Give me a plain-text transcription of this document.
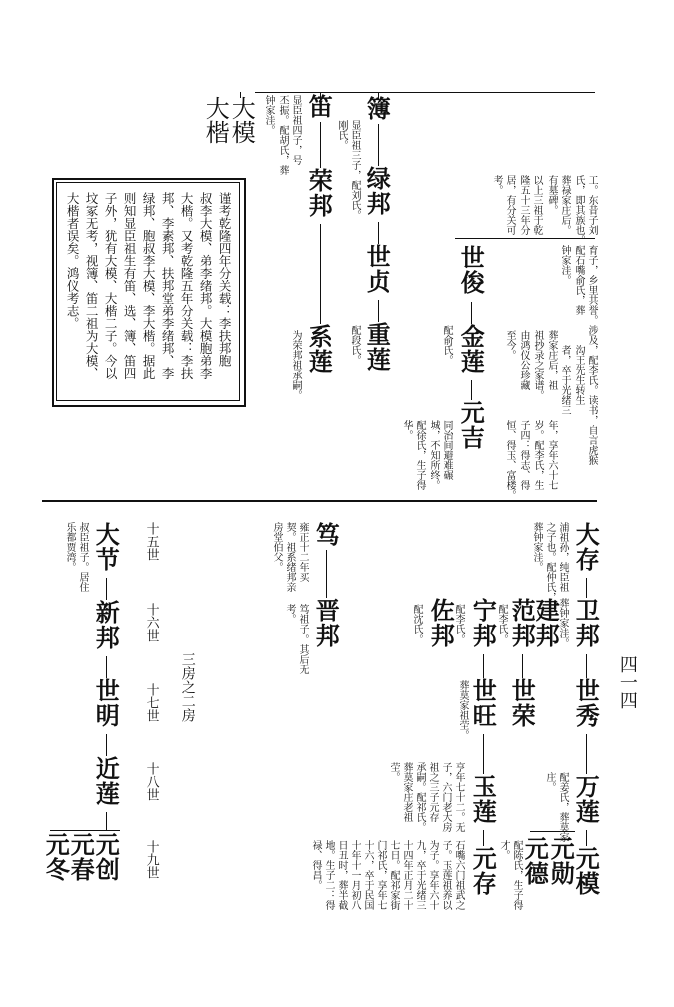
四一四
工。东昔子刘
氏，即其族也。
葬禄家庄后。
有墓碑。
以上三祖于乾
隆五十三年分
居，有分关可
考。
育子，乡里共誉。涉及，配李氏。读书，自言虎猴
配石嘴俞氏，葬
钟家洼。
葬家庄后，祖
祖抄录之家谱。
由鸿仪公珍藏
至今。	沟王先生转生
者，卒于光绪三
年，享年六十七
岁。配李氏，生
子四：得志、得
恒、得玉、富楼。
世俊
金莲
元吉
配俞氏。
同治间避难碾
城，不知所终。
配徐氏，生子得
华。
簿
绿邦
世贞
重莲
显臣祖三子，配刘氏。
刚氏。
配段氏。
笛
荣邦
系莲
显臣祖四子，号
丕振。配胡氏，葬
钟家洼。
为荣邦祖承嗣。
大模
大楷
谨考乾隆四年分关载：李扶邦胞
叔李大模、弟李绪邦。大模胞弟李
大楷。又考乾隆五年分关载：李扶
邦、李素邦、扶邦堂弟李绪邦、李
绿邦、胞叔李大模、李大楷。据此
则知显臣祖生有笛、选、簿、笛四
子外，犹有大模、大楷二子。今以
坟冢无考，视簿、笛二祖为大模、
大楷者误矣。鸿仪考志。
大存
卫邦
世秀
万莲
元模
浦祖孙，纯臣祖
之子也。配仲氏，
葬钟家洼。
葬钟家洼。
配姜氏，葬莫家
庄。
元勋
元德
配陈氏，生子得
才。
建邦
范邦
世荣
配李氏。
宁邦
世旺
玉莲
元存
配李氏。
葬莫家祖茔。
佐邦
配沈氏。
亨年七十二。无
子，六门老大房
祖之三子元存
承嗣。配祁氏。
葬莫家庄老祖
茔。
石嘴六门祖武之
子。玉莲祖养以
为子。享年六十
九，卒于光绪三
十四年正月二十
七日。配祁家街
门祁氏，享年七
十六，卒于民国
十年十一月初八
日丑时，葬半截
地。生子二：得
禄、得昌。
笃
晋邦
雍正十二年买
契。祖系绪邦亲
房堂伯父。
笃祖子。其后无
考。
三房之二房
十五世
十六世
十七世
十八世
十九世
大节
新邦
世明
近莲
元创
元春
元冬
叔臣祖子。居住
乐都贾湾。
